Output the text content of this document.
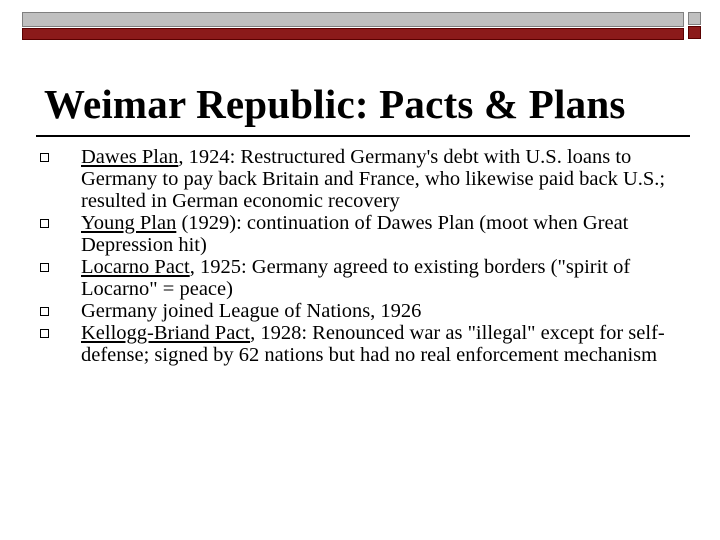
Weimar Republic: Pacts & Plans
Dawes Plan, 1924: Restructured Germany's debt with U.S. loans to Germany to pay back Britain and France, who likewise paid back U.S.; resulted in German economic recovery
Young Plan (1929): continuation of Dawes Plan (moot when Great Depression hit)
Locarno Pact, 1925: Germany agreed to existing borders ("spirit of Locarno" = peace)
Germany joined League of Nations, 1926
Kellogg-Briand Pact, 1928: Renounced war as "illegal" except for self-defense; signed by 62 nations but had no real enforcement mechanism
